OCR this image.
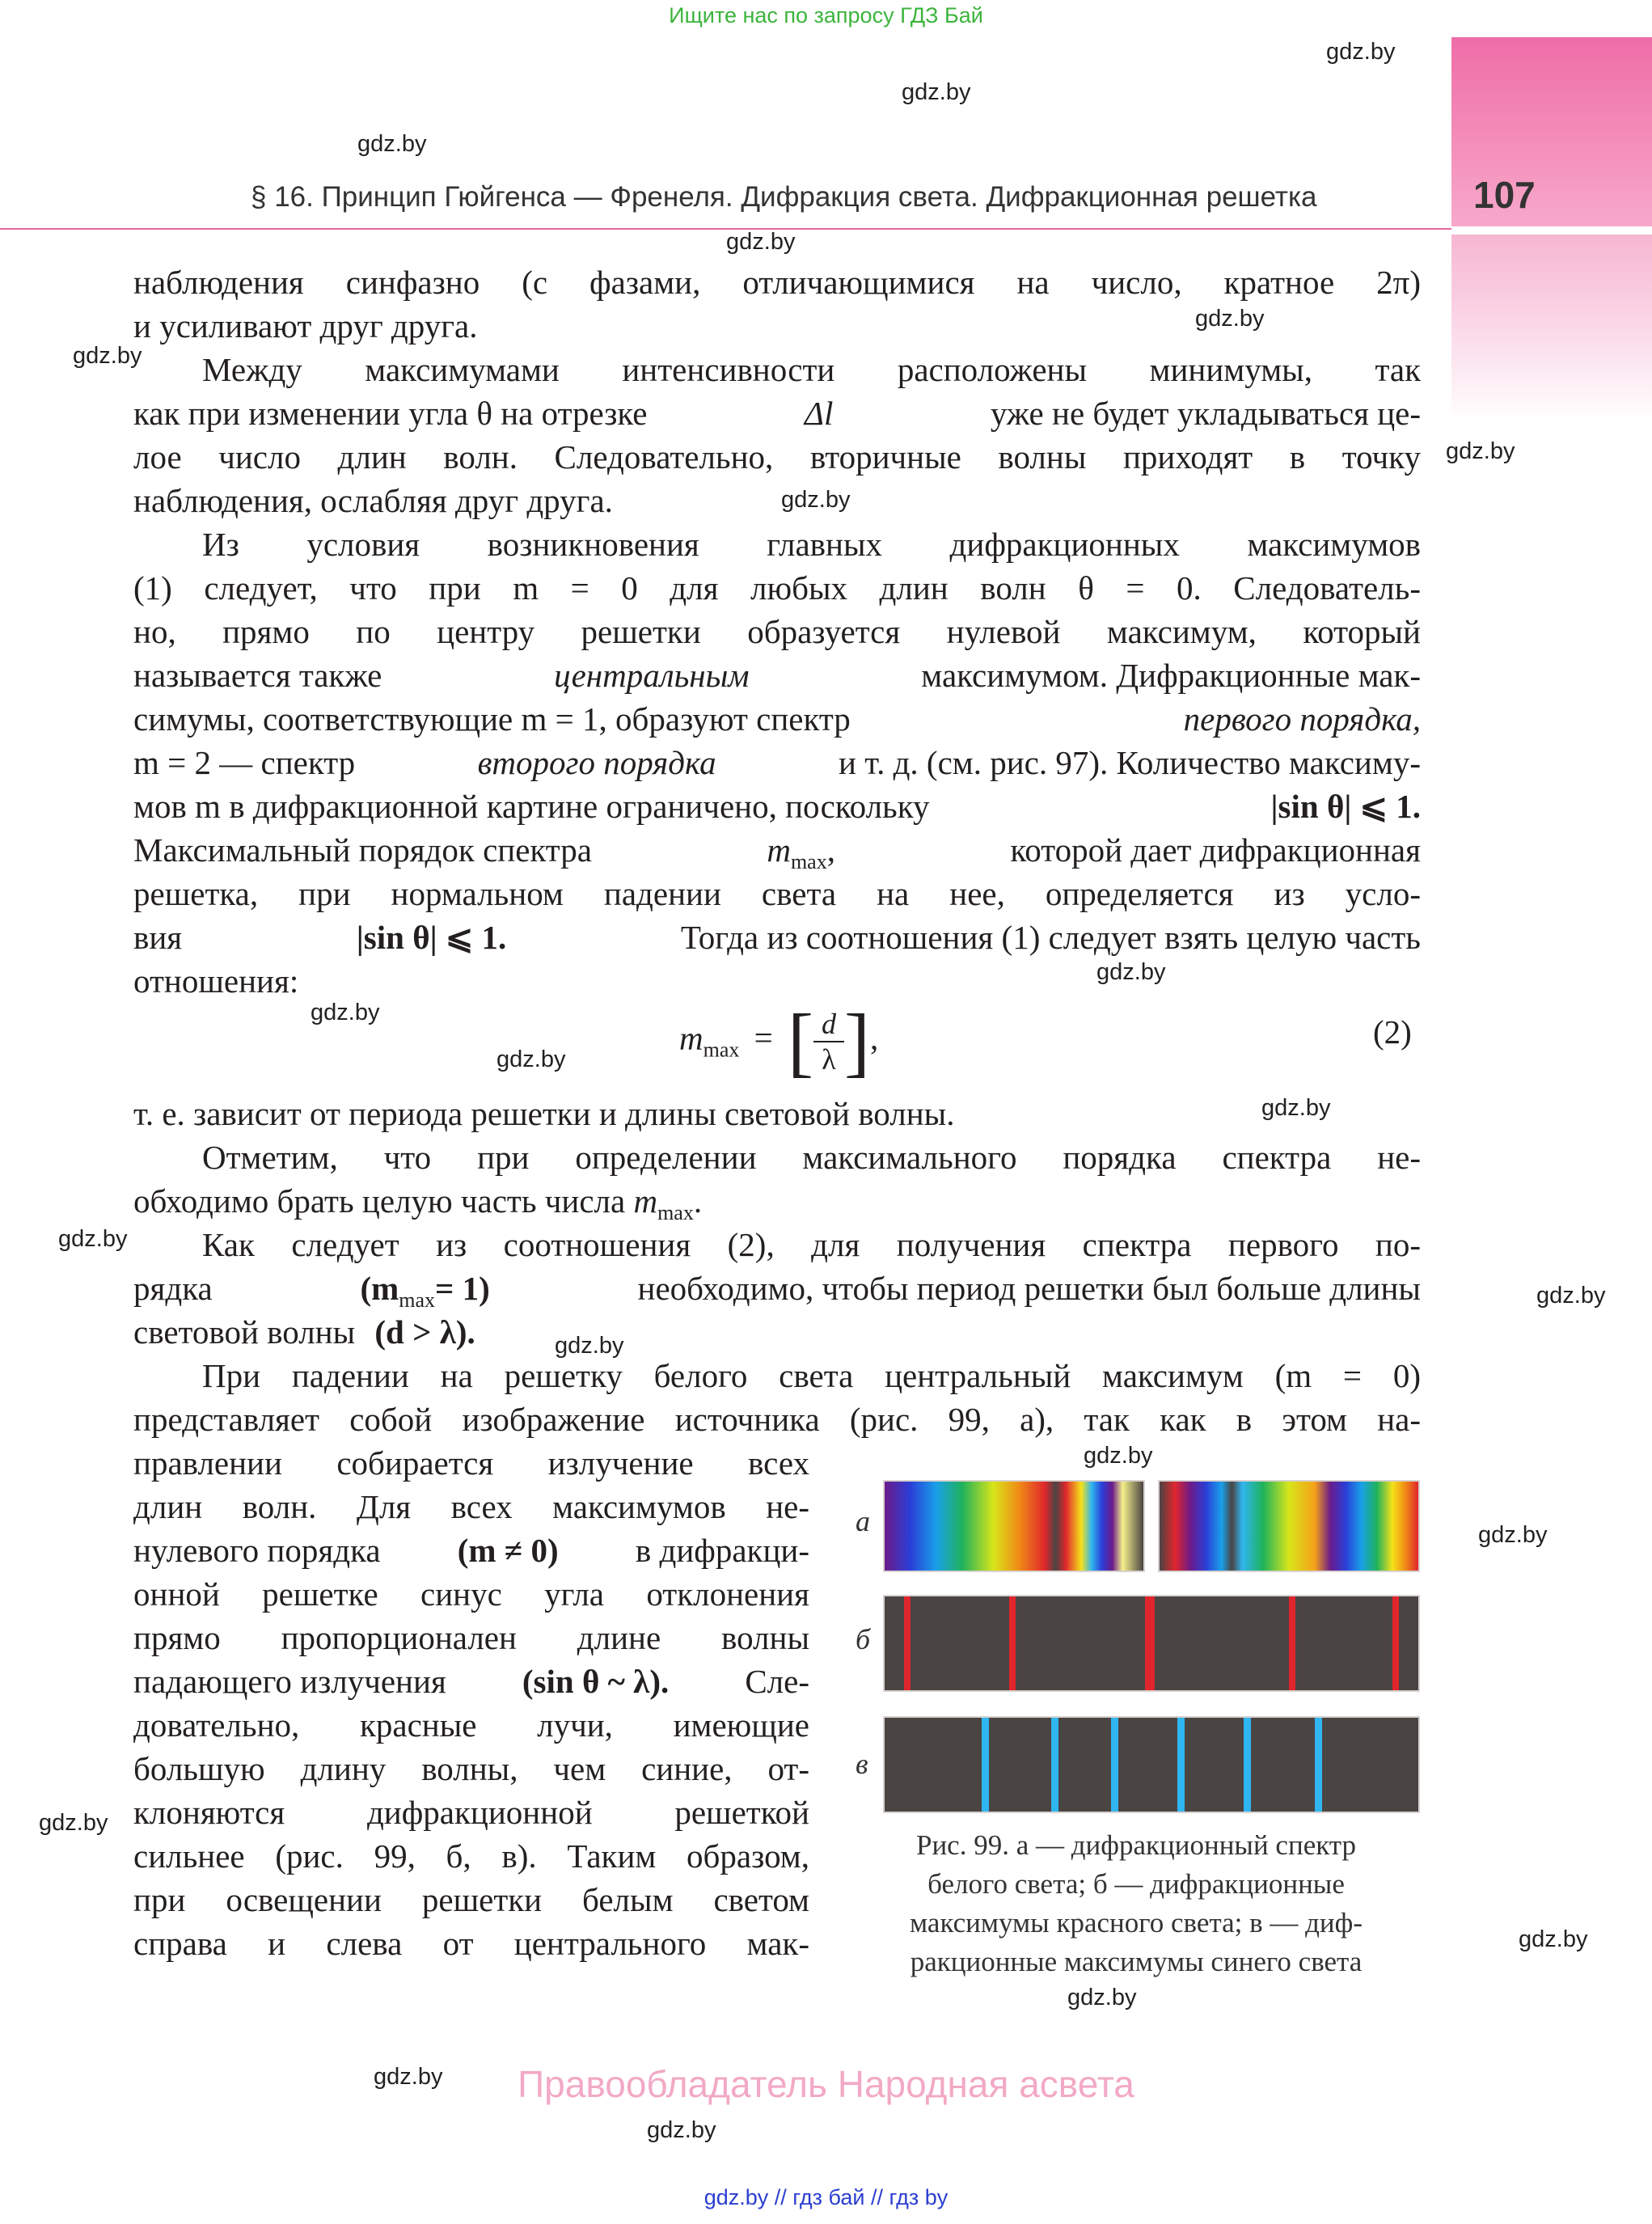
Ищите нас по запросу ГДЗ Бай
§ 16. Принцип Гюйгенса — Френеля. Дифракция света. Дифракционная решетка	107
gdz.by
gdz.by
gdz.by
gdz.by
gdz.by
gdz.by
gdz.by
gdz.by
gdz.by
gdz.by
gdz.by
gdz.by
gdz.by
gdz.by
gdz.by
gdz.by
gdz.by
gdz.by
gdz.by
gdz.by
gdz.by
gdz.by
наблюдения синфазно (с фазами, отличающимися на число, кратное 2π)
и усиливают друг друга.
Между максимумами интенсивности расположены минимумы, так
как при изменении угла θ на отрезке	Δl	уже не будет укладываться це-
лое число длин волн. Следовательно, вторичные волны приходят в точку
наблюдения, ослабляя друг друга.
Из условия возникновения главных дифракционных максимумов
(1) следует, что при m = 0 для любых длин волн θ = 0. Следователь-
но, прямо по центру решетки образуется нулевой максимум, который
называется также	центральным	максимумом. Дифракционные мак-
симумы, соответствующие m = 1, образуют спектр	первого порядка,
m = 2 — спектр	второго порядка	и т. д. (см. рис. 97). Количество максиму-
мов m в дифракционной картине ограничено, поскольку	|sin θ| ⩽ 1.
Максимальный порядок спектра	$m_{max}$,	которой дает дифракционная
решетка, при нормальном падении света на нее, определяется из усло-
вия	|sin θ| ⩽ 1.	Тогда из соотношения (1) следует взять целую часть
отношения:
$m_{max}$ = [ $\frac{d}{\lambda}$ ],	(2)
т. е. зависит от периода решетки и длины световой волны.
Отметим, что при определении максимального порядка спектра не-
обходимо брать целую часть числа $m_{max}$.
Как следует из соотношения (2), для получения спектра первого по-
рядка	$(m_{max}= 1)$	необходимо, чтобы период решетки был больше длины
световой волны (d > λ).
При падении на решетку белого света центральный максимум (m = 0)
представляет собой изображение источника (рис. 99, а), так как в этом на-
правлении собирается излучение всех
длин волн. Для всех максимумов не-
нулевого порядка (m ≠ 0) в дифракци-
онной решетке синус угла отклонения
прямо пропорционален длине волны
падающего излучения (sin θ ~ λ). Сле-
довательно, красные лучи, имеющие
большую длину волны, чем синие, от-
клоняются дифракционной решеткой
сильнее (рис. 99, б, в). Таким образом,
при освещении решетки белым светом
справа и слева от центрального мак-
а
б
в
Рис. 99. а — дифракционный спектр
белого света; б — дифракционные
максимумы красного света; в — диф-
ракционные максимумы синего света
Правообладатель Народная асвета
gdz.by // гдз бай // гдз by
